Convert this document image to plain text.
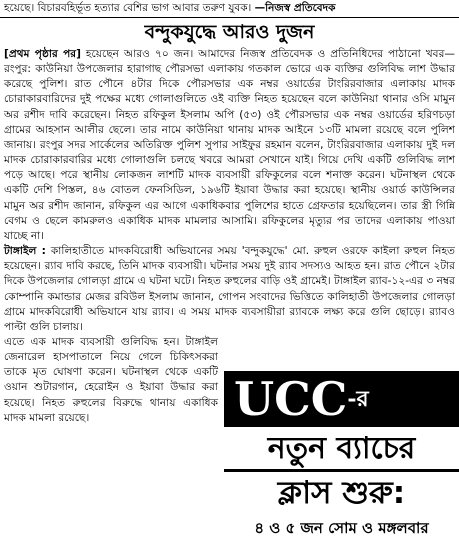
হয়েছে। বিচারবহির্ভূত হত্যার বেশির ভাগ আবার তরুণ যুবক। —নিজস্ব প্রতিবেদক
বন্দুকযুদ্ধে আরও দুজন

[প্রথম পৃষ্ঠার পর] হয়েছেন আরও ৭০ জন। আমাদের নিজস্ব প্রতিবেদক ও প্রতিনিধিদের পাঠানো খবর— রংপুর: কাউনিয়া উপজেলার হারাগাছ পৌরসভা এলাকায় গতকাল ভোরে এক ব্যক্তির গুলিবিদ্ধ লাশ উদ্ধার করেছে পুলিশ। রাত পৌনে ৪টার দিকে পৌরসভার এক নম্বর ওয়ার্ডের টাংরিরবাজার এলাকায় মাদক চোরাকারবারিদের দুই পক্ষের মধ্যে গোলাগুলিতে ওই ব্যক্তি নিহত হয়েছেন বলে কাউনিয়া থানার ওসি মামুন অর রশীদ দাবি করেছেন। নিহত রফিকুল ইসলাম অপি (৫৩) ওই পৌরসভার এক নম্বর ওয়ার্ডের হরিণচড়া গ্রামের আহসান আলীর ছেলে। তার নামে কাউনিয়া থানায় মাদক আইনে ১৩টি মামলা রয়েছে বলে পুলিশ জানায়। রংপুর সদর সার্কেলের অতিরিক্ত পুলিশ সুপার সাইফুর রহমান বলেন, টাংরিরবাজার এলাকায় দুই দল মাদক চোরাকারবারির মধ্যে গোলাগুলি চলছে খবরে আমরা সেখানে যাই। গিয়ে দেখি একটি গুলিবিদ্ধ লাশ পড়ে আছে। পরে স্থানীয় লোকজন লাশটি মাদক ব্যবসায়ী রফিকুলের বলে শনাক্ত করেন। ঘটনাস্থল থেকে একটি দেশি পিস্তল, ৪৬ বোতল ফেনসিডিল, ১৯৬টি ইয়াবা উদ্ধার করা হয়েছে। স্থানীয় ওয়ার্ড কাউন্সিলর মামুন অর রশীদ জানান, রফিকুল এর আগে একাধিকবার পুলিশের হাতে গ্রেফতার হয়েছিলেন। তার স্ত্রী গিন্নি বেগম ও ছেলে কামরুলও একাধিক মাদক মামলার আসামি। রফিকুলের মৃত্যুর পর তাদের এলাকায় পাওয়া যাচ্ছে না।

টাঙ্গাইল : কালিহাতীতে মাদকবিরোধী অভিযানের সময় 'বন্দুকযুদ্ধে' মো. রুহুল ওরফে কাইলা রুহুল নিহত হয়েছেন। র‌্যাব দাবি করছে, তিনি মাদক ব্যবসায়ী। ঘটনার সময় দুই র‌্যাব সদস্যও আহত হন। রাত পৌনে ২টার দিকে উপজেলার গোলড়া গ্রামে এ ঘটনা ঘটে। নিহত রুহুলের বাড়ি ওই গ্রামেই। টাঙ্গাইল র‌্যাব-১২-এর ৩ নম্বর কোম্পানি কমান্ডার মেজর রবিউল ইসলাম জানান, গোপন সংবাদের ভিত্তিতে কালিহাতী উপজেলার গোলড়া গ্রামে মাদকবিরোধী অভিযানে যায় র‌্যাব। এ সময় মাদক ব্যবসায়ীরা র‌্যাবকে লক্ষ্য করে গুলি ছোড়ে। র‌্যাবও পাল্টা গুলি চালায়।

এতে এক মাদক ব্যবসায়ী গুলিবিদ্ধ হন। টাঙ্গাইল জেনারেল হাসপাতালে নিয়ে গেলে চিকিৎসকরা তাকে মৃত ঘোষণা করেন। ঘটনাস্থল থেকে একটি ওয়ান শুটারগান, হেরোইন ও ইয়াবা উদ্ধার করা হয়েছে। নিহত রুহুলের বিরুদ্ধে থানায় একাধিক মাদক মামলা রয়েছে।	$UCC^{-র}$
নতুন ব্যাচের
ক্লাস শুরু:
৪ ও ৫ জন সোম ও মঙ্গলবার
